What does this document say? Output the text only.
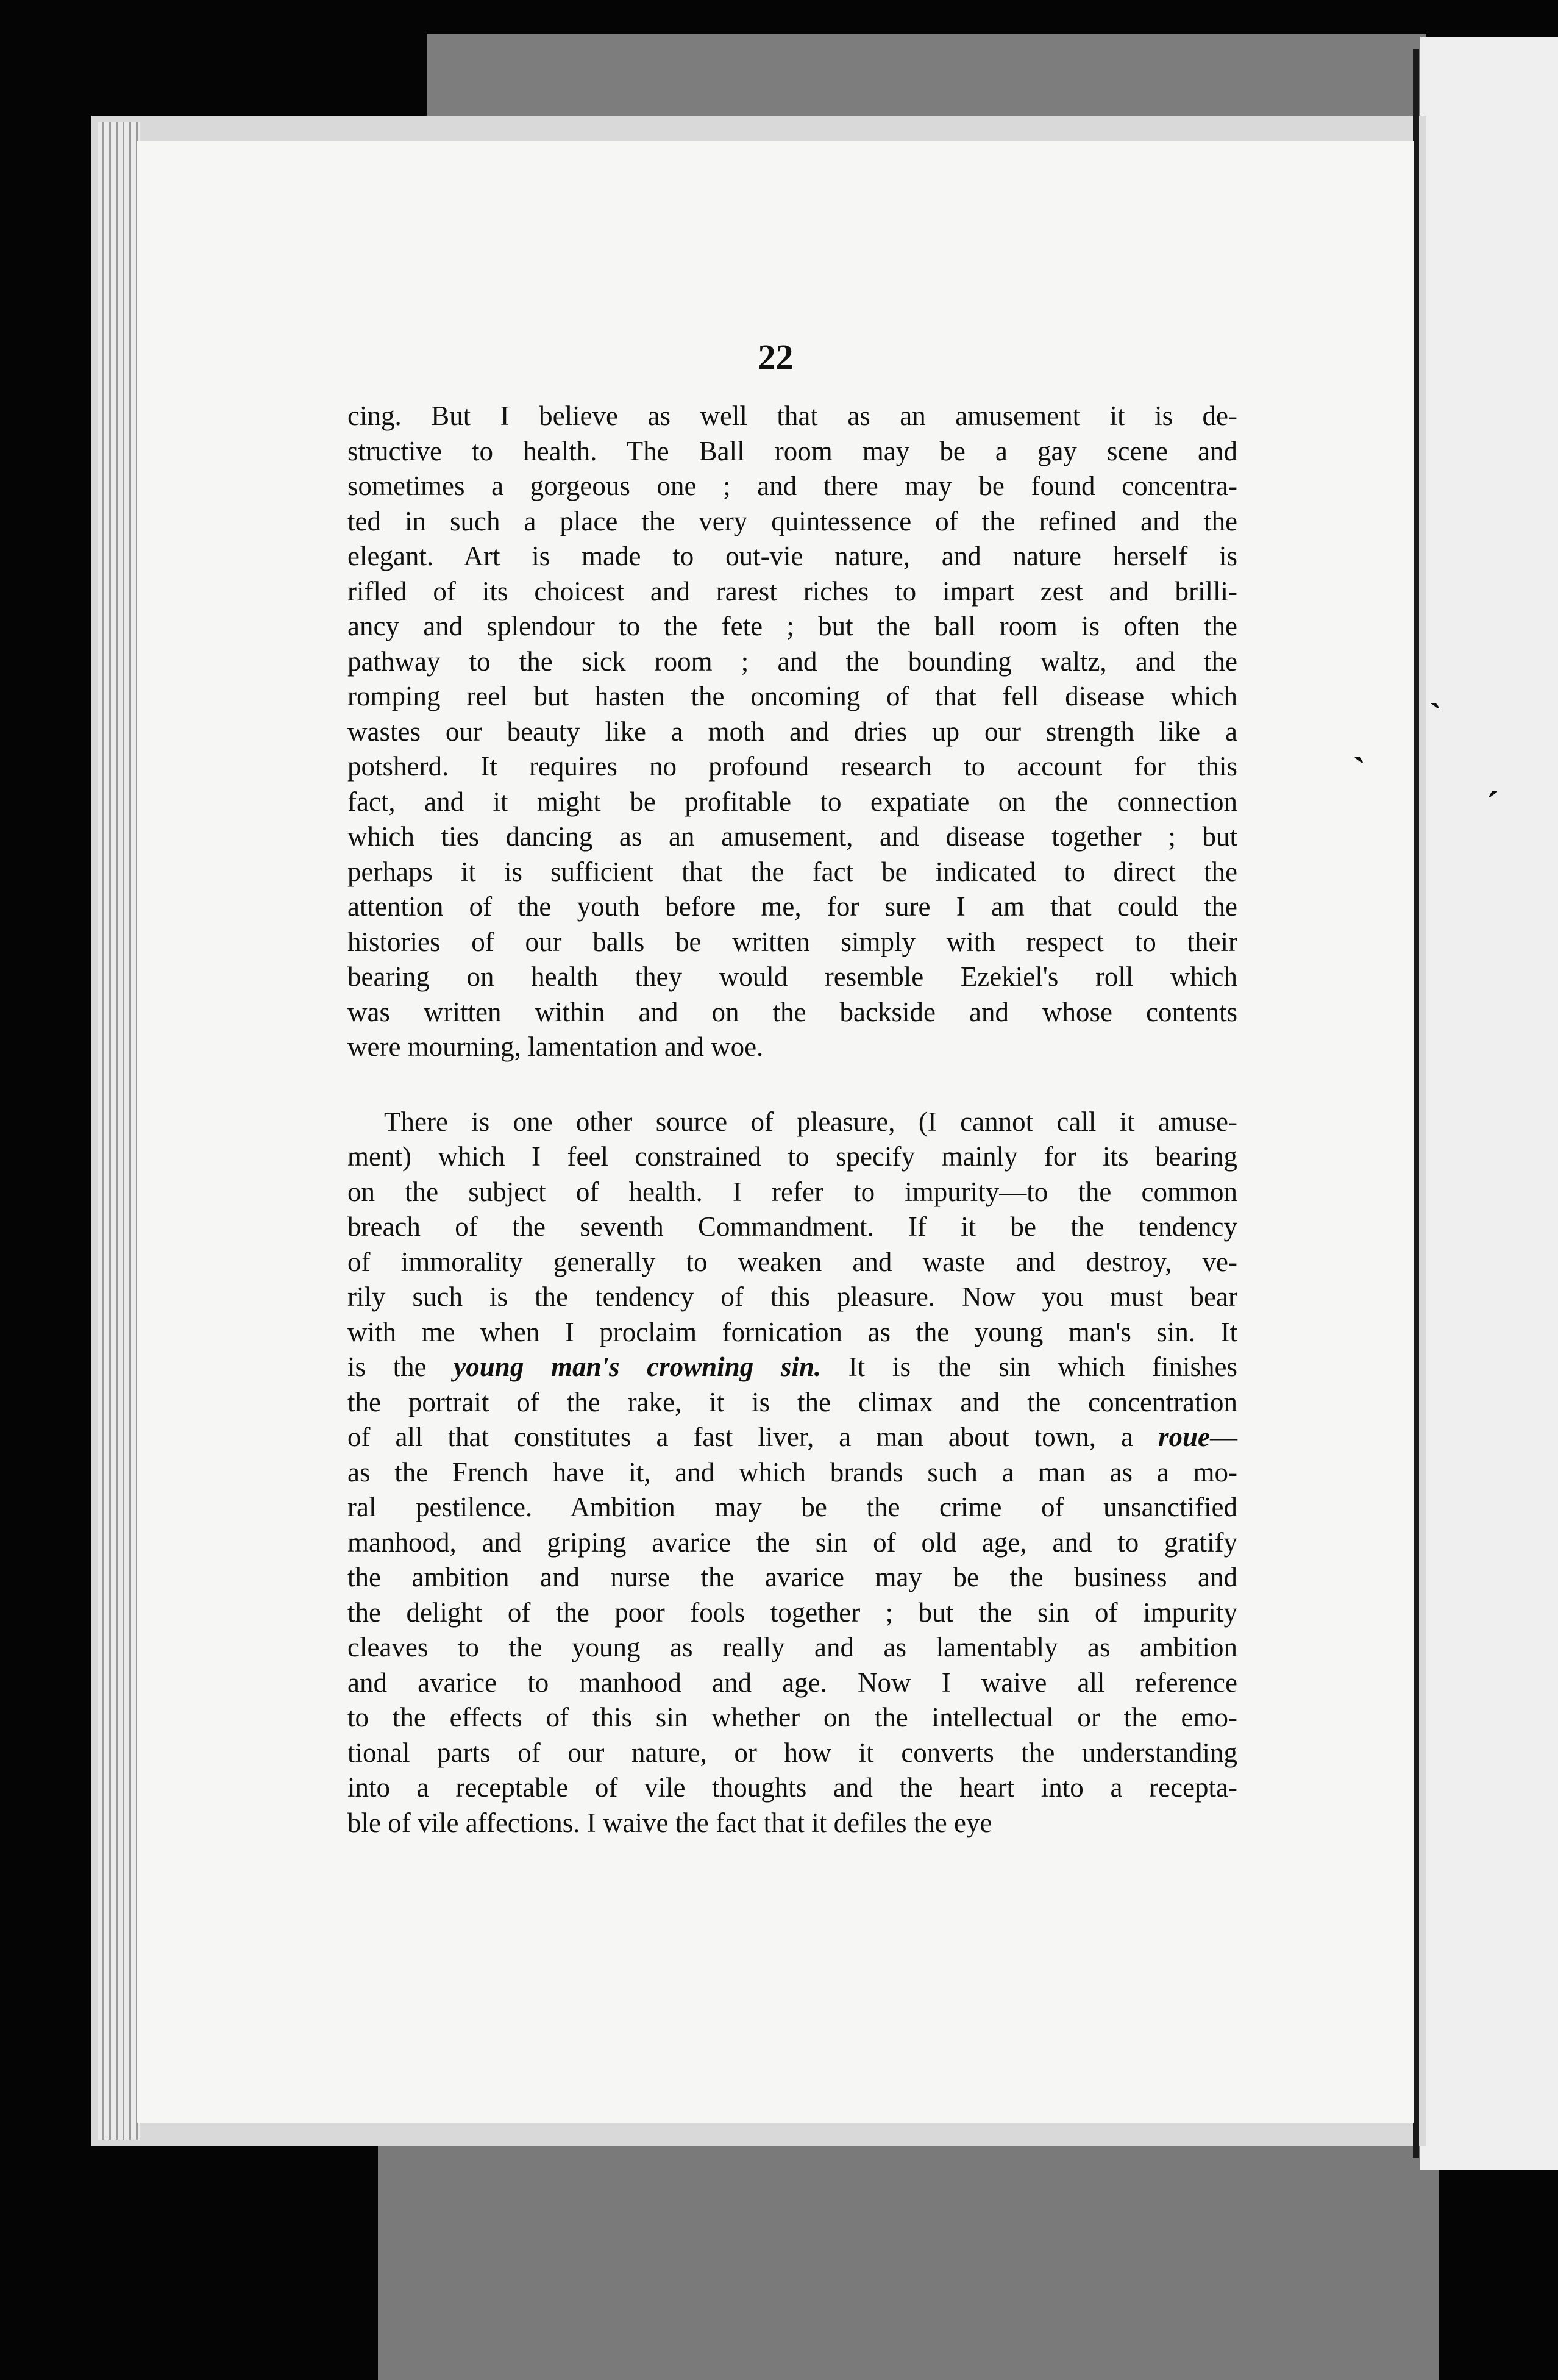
22
cing. But I believe as well that as an amusement it is de-
structive to health. The Ball room may be a gay scene and
sometimes a gorgeous one ; and there may be found concentra-
ted in such a place the very quintessence of the refined and the
elegant. Art is made to out-vie nature, and nature herself is
rifled of its choicest and rarest riches to impart zest and brilli-
ancy and splendour to the fete ; but the ball room is often the
pathway to the sick room ; and the bounding waltz, and the
romping reel but hasten the oncoming of that fell disease which
wastes our beauty like a moth and dries up our strength like a
potsherd. It requires no profound research to account for this
fact, and it might be profitable to expatiate on the connection
which ties dancing as an amusement, and disease together ; but
perhaps it is sufficient that the fact be indicated to direct the
attention of the youth before me, for sure I am that could the
histories of our balls be written simply with respect to their
bearing on health they would resemble Ezekiel's roll which
was written within and on the backside and whose contents
were mourning, lamentation and woe.
There is one other source of pleasure, (I cannot call it amuse-
ment) which I feel constrained to specify mainly for its bearing
on the subject of health. I refer to impurity—to the common
breach of the seventh Commandment. If it be the tendency
of immorality generally to weaken and waste and destroy, ve-
rily such is the tendency of this pleasure. Now you must bear
with me when I proclaim fornication as the young man's sin. It
is the young man's crowning sin. It is the sin which finishes
the portrait of the rake, it is the climax and the concentration
of all that constitutes a fast liver, a man about town, a roue—
as the French have it, and which brands such a man as a mo-
ral pestilence. Ambition may be the crime of unsanctified
manhood, and griping avarice the sin of old age, and to gratify
the ambition and nurse the avarice may be the business and
the delight of the poor fools together ; but the sin of impurity
cleaves to the young as really and as lamentably as ambition
and avarice to manhood and age. Now I waive all reference
to the effects of this sin whether on the intellectual or the emo-
tional parts of our nature, or how it converts the understanding
into a receptable of vile thoughts and the heart into a recepta-
ble of vile affections. I waive the fact that it defiles the eye
ˎ
ˋ	ˏ
